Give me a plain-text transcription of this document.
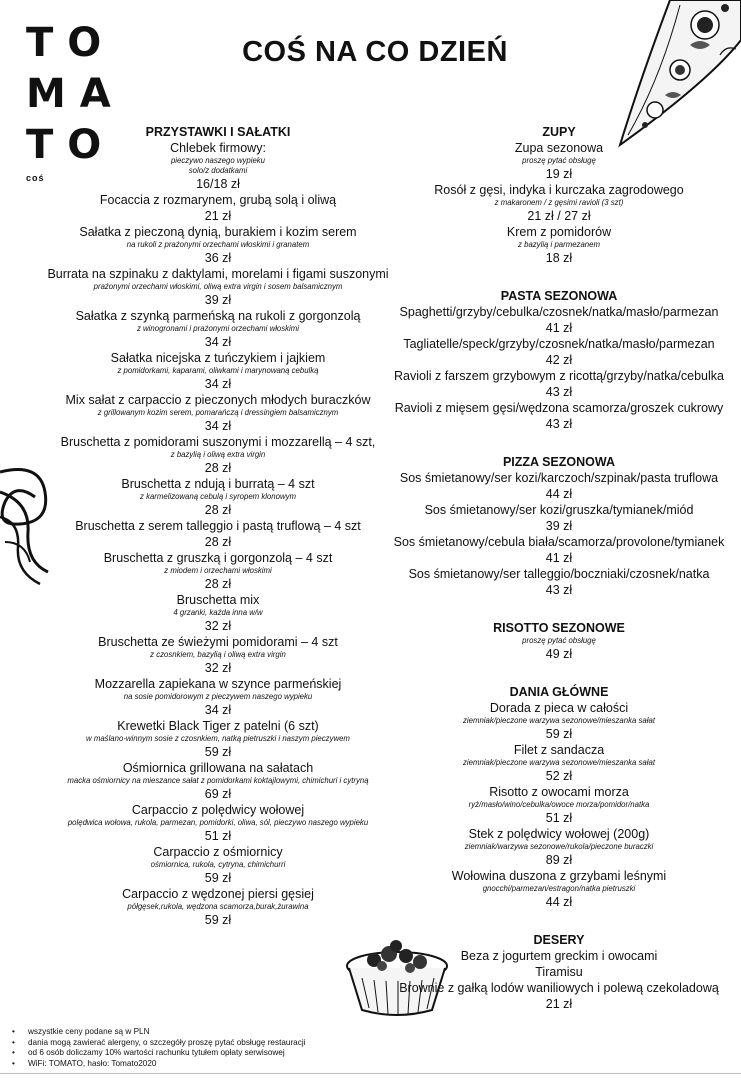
TO
MA
TO
coś
COŚ NA CO DZIEŃ
PRZYSTAWKI I SAŁATKI
Chlebek firmowy:
pieczywo naszego wypieku
solo/z dodatkami
16/18 zł
Focaccia z rozmarynem, grubą solą i oliwą
21 zł
Sałatka z pieczoną dynią, burakiem i kozim serem
na rukoli z prażonymi orzechami włoskimi i granatem
36 zł
Burrata na szpinaku z daktylami, morelami i figami suszonymi
prażonymi orzechami włoskimi, oliwą extra virgin i sosem balsamicznym
39 zł
Sałatka z szynką parmeńską na rukoli z gorgonzolą
z winogronami i prażonymi orzechami włoskimi
34 zł
Sałatka nicejska z tuńczykiem i jajkiem
z pomidorkami, kaparami, oliwkami i marynowaną cebulką
34 zł
Mix sałat z carpaccio z pieczonych młodych buraczków
z grillowanym kozim serem, pomarańczą i dressingiem balsamicznym
34 zł
Bruschetta z pomidorami suszonymi i mozzarellą – 4 szt,
z bazylią i oliwą extra virgin
28 zł
Bruschetta z ndują i burratą – 4 szt
z karmelizowaną cebulą i syropem klonowym
28 zł
Bruschetta z serem talleggio i pastą truflową – 4 szt
28 zł
Bruschetta z gruszką i gorgonzolą – 4 szt
z miodem i orzechami włoskimi
28 zł
Bruschetta mix
4 grzanki, każda inna w/w
32 zł
Bruschetta ze świeżymi pomidorami – 4 szt
z czosnkiem, bazylią i oliwą extra virgin
32 zł
Mozzarella zapiekana w szynce parmeńskiej
na sosie pomidorowym z pieczywem naszego wypieku
34 zł
Krewetki Black Tiger z patelni (6 szt)
w maślano-winnym sosie z czosnkiem, natką pietruszki i naszym pieczywem
59 zł
Ośmiornica grillowana na sałatach
macka ośmiornicy na mieszance sałat z pomidorkami koktajlowymi, chimichuri i cytryną
69 zł
Carpaccio z polędwicy wołowej
polędwica wołowa, rukola, parmezan, pomidorki, oliwa, sól, pieczywo naszego wypieku
51 zł
Carpaccio z ośmiornicy
ośmiornica, rukola, cytryna, chimichurri
59 zł
Carpaccio z wędzonej piersi gęsiej
półgęsek,rukola, wędzona scamorza,burak,żurawina
59 zł
ZUPY
Zupa sezonowa
proszę pytać obsługę
19 zł
Rosół z gęsi, indyka i kurczaka zagrodowego
z makaronem / z gęsimi ravioli (3 szt)
21 zł / 27 zł
Krem z pomidorów
z bazylią i parmezanem
18 zł
PASTA SEZONOWA
Spaghetti/grzyby/cebulka/czosnek/natka/masło/parmezan
41 zł
Tagliatelle/speck/grzyby/czosnek/natka/masło/parmezan
42 zł
Ravioli z farszem grzybowym z ricottą/grzyby/natka/cebulka
43 zł
Ravioli z mięsem gęsi/wędzona scamorza/groszek cukrowy
43 zł
PIZZA SEZONOWA
Sos śmietanowy/ser kozi/karczoch/szpinak/pasta truflowa
44 zł
Sos śmietanowy/ser kozi/gruszka/tymianek/miód
39 zł
Sos śmietanowy/cebula biała/scamorza/provolone/tymianek
41 zł
Sos śmietanowy/ser talleggio/boczniaki/czosnek/natka
43 zł
RISOTTO SEZONOWE
proszę pytać obsługę
49 zł
DANIA GŁÓWNE
Dorada z pieca w całości
ziemniak/pieczone warzywa sezonowe/mieszanka sałat
59 zł
Filet z sandacza
ziemniak/pieczone warzywa sezonowe/mieszanka sałat
52 zł
Risotto z owocami morza
ryż/masło/wino/cebulka/owoce morza/pomidor/natka
51 zł
Stek z polędwicy wołowej (200g)
ziemniak/warzywa sezonowe/rukola/pieczone buraczki
89 zł
Wołowina duszona z grzybami leśnymi
gnocchi/parmezan/estragon/natka pietruszki
44 zł
DESERY
Beza z jogurtem greckim i owocami
Tiramisu
Brownie z gałką lodów waniliowych i polewą czekoladową
21 zł
• wszystkie ceny podane są w PLN
• dania mogą zawierać alergeny, o szczegóły proszę pytać obsługę restauracji
• od 6 osób doliczamy 10% wartości rachunku tytułem opłaty serwisowej
• WiFi: TOMATO, hasło: Tomato2020
